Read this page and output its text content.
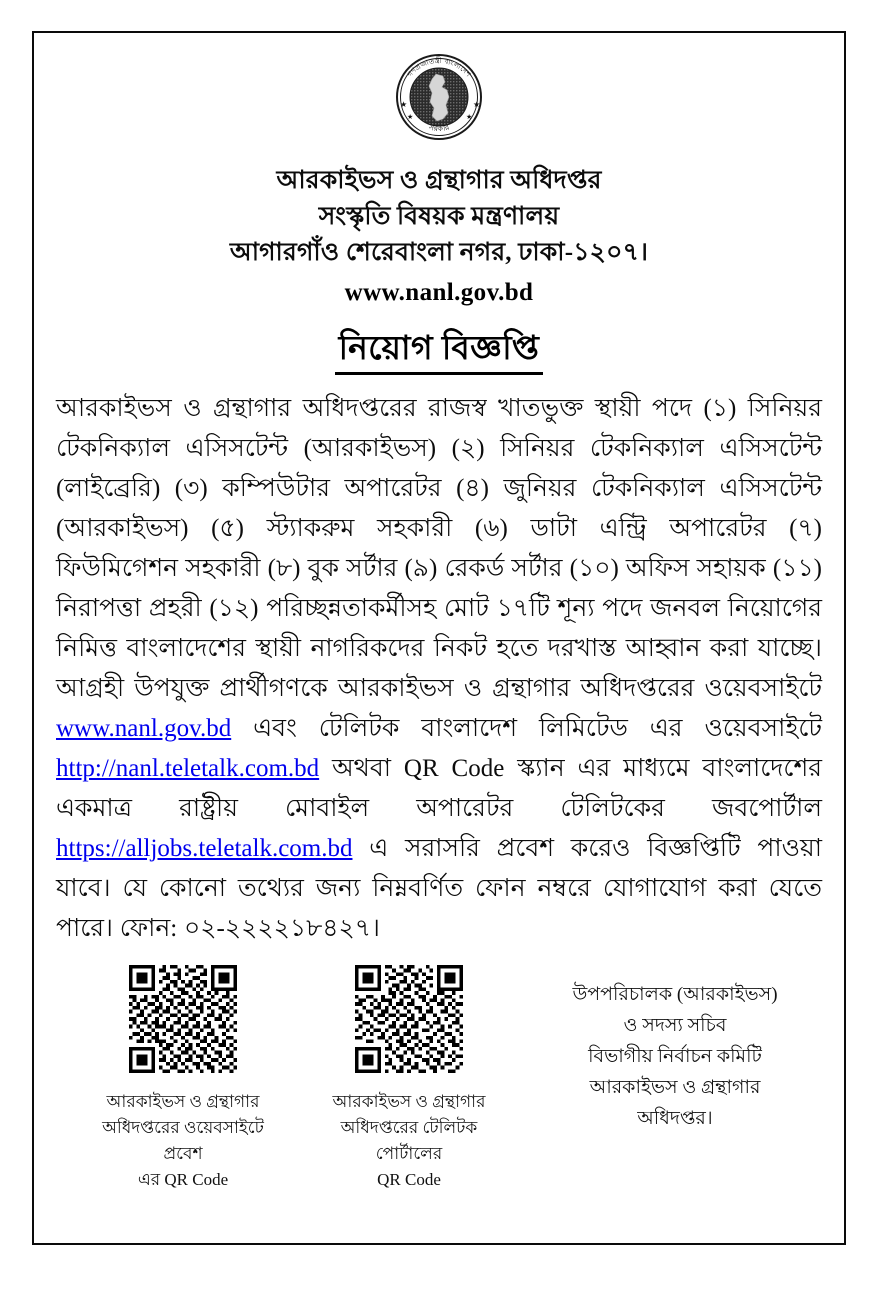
গণপ্রজাতন্ত্রী বাংলাদেশ
সরকার
★	★
★	★
আরকাইভস ও গ্রন্থাগার অধিদপ্তর
সংস্কৃতি বিষয়ক মন্ত্রণালয়
আগারগাঁও শেরেবাংলা নগর, ঢাকা-১২০৭।
www.nanl.gov.bd
নিয়োগ বিজ্ঞপ্তি
আরকাইভস ও গ্রন্থাগার অধিদপ্তরের রাজস্ব খাতভুক্ত স্থায়ী পদে (১) সিনিয়র টেকনিক্যাল এসিসটেন্ট (আরকাইভস) (২) সিনিয়র টেকনিক্যাল এসিসটেন্ট (লাইব্রেরি) (৩) কম্পিউটার অপারেটর (৪) জুনিয়র টেকনিক্যাল এসিসটেন্ট (আরকাইভস) (৫) স্ট্যাকরুম সহকারী (৬) ডাটা এন্ট্রি অপারেটর (৭) ফিউমিগেশন সহকারী (৮) বুক সর্টার (৯) রেকর্ড সর্টার (১০) অফিস সহায়ক (১১) নিরাপত্তা প্রহরী (১২) পরিচ্ছন্নতাকর্মীসহ মোট ১৭টি শূন্য পদে জনবল নিয়োগের নিমিত্ত বাংলাদেশের স্থায়ী নাগরিকদের নিকট হতে দরখাস্ত আহ্বান করা যাচ্ছে। আগ্রহী উপযুক্ত প্রার্থীগণকে আরকাইভস ও গ্রন্থাগার অধিদপ্তরের ওয়েবসাইটে www.nanl.gov.bd এবং টেলিটক বাংলাদেশ লিমিটেড এর ওয়েবসাইটে http://nanl.teletalk.com.bd অথবা QR Code স্ক্যান এর মাধ্যমে বাংলাদেশের একমাত্র রাষ্ট্রীয় মোবাইল অপারেটর টেলিটকের জবপোর্টাল https://alljobs.teletalk.com.bd এ সরাসরি প্রবেশ করেও বিজ্ঞপ্তিটি পাওয়া যাবে। যে কোনো তথ্যের জন্য নিম্নবর্ণিত ফোন নম্বরে যোগাযোগ করা যেতে পারে। ফোন: ০২-২২২২১৮৪২৭।
আরকাইভস ও গ্রন্থাগার
অধিদপ্তরের ওয়েবসাইটে প্রবেশ
এর QR Code
আরকাইভস ও গ্রন্থাগার
অধিদপ্তরের টেলিটক পোর্টালের
QR Code
উপপরিচালক (আরকাইভস)
ও সদস্য সচিব
বিভাগীয় নির্বাচন কমিটি
আরকাইভস ও গ্রন্থাগার
অধিদপ্তর।
